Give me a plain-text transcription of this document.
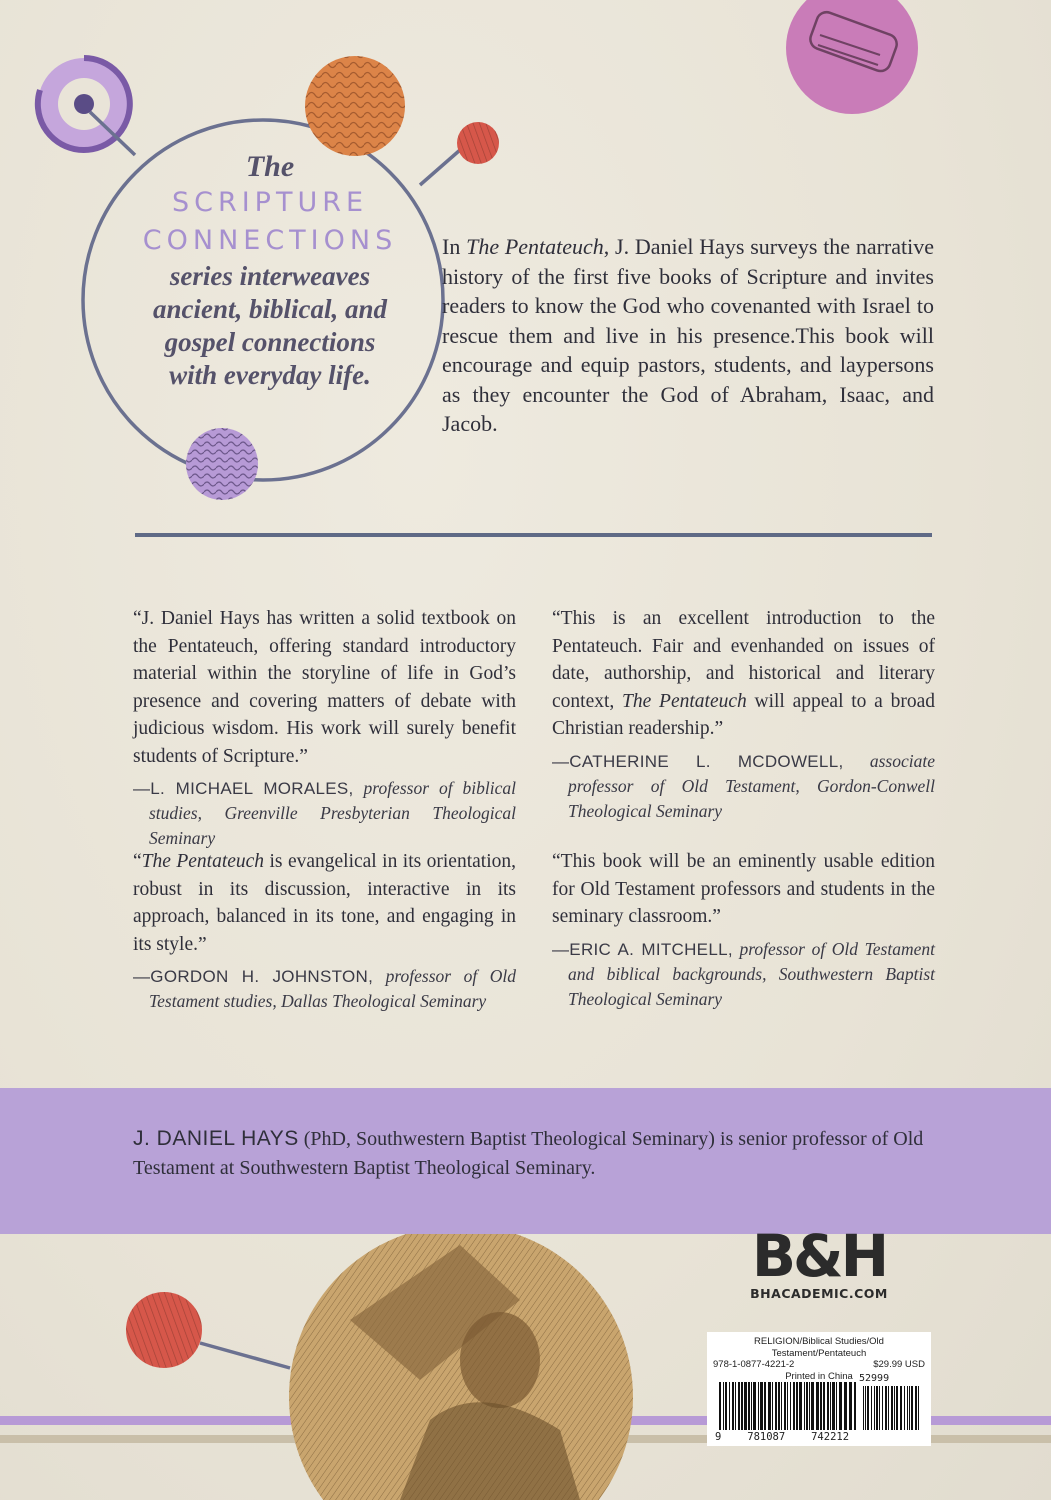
The
SCRIPTURE
CONNECTIONS
series interweaves
ancient, biblical, and
gospel connections
with everyday life.
In The Pentateuch, J. Daniel Hays surveys the narrative history of the first five books of Scripture and invites readers to know the God who covenanted with Israel to rescue them and live in his presence.This book will encourage and equip pastors, students, and laypersons as they encounter the God of Abraham, Isaac, and Jacob.
“J. Daniel Hays has written a solid textbook on the Pentateuch, offering standard introductory material within the storyline of life in God’s presence and covering matters of debate with judicious wisdom. His work will surely benefit students of Scripture.”
—L. MICHAEL MORALES, professor of biblical studies, Greenville Presbyterian Theological Seminary
“The Pentateuch is evangelical in its orientation, robust in its discussion, interactive in its approach, balanced in its tone, and engaging in its style.”
—GORDON H. JOHNSTON, professor of Old Testament studies, Dallas Theological Seminary
“This is an excellent introduction to the Pentateuch. Fair and evenhanded on issues of date, authorship, and historical and literary context, The Pentateuch will appeal to a broad Christian readership.”
—CATHERINE L. MCDOWELL, associate professor of Old Testament, Gordon-Conwell Theological Seminary
“This book will be an eminently usable edition for Old Testament professors and students in the seminary classroom.”
—ERIC A. MITCHELL, professor of Old Testament and biblical backgrounds, Southwestern Baptist Theological Seminary
J. DANIEL HAYS (PhD, Southwestern Baptist Theological Seminary) is senior professor of Old Testament at Southwestern Baptist Theological Seminary.
B&H
BHACADEMIC.COM
RELIGION/Biblical Studies/Old Testament/Pentateuch
978-1-0877-4221-2	$29.99 USD
Printed in China 52999
9 781087 742212
